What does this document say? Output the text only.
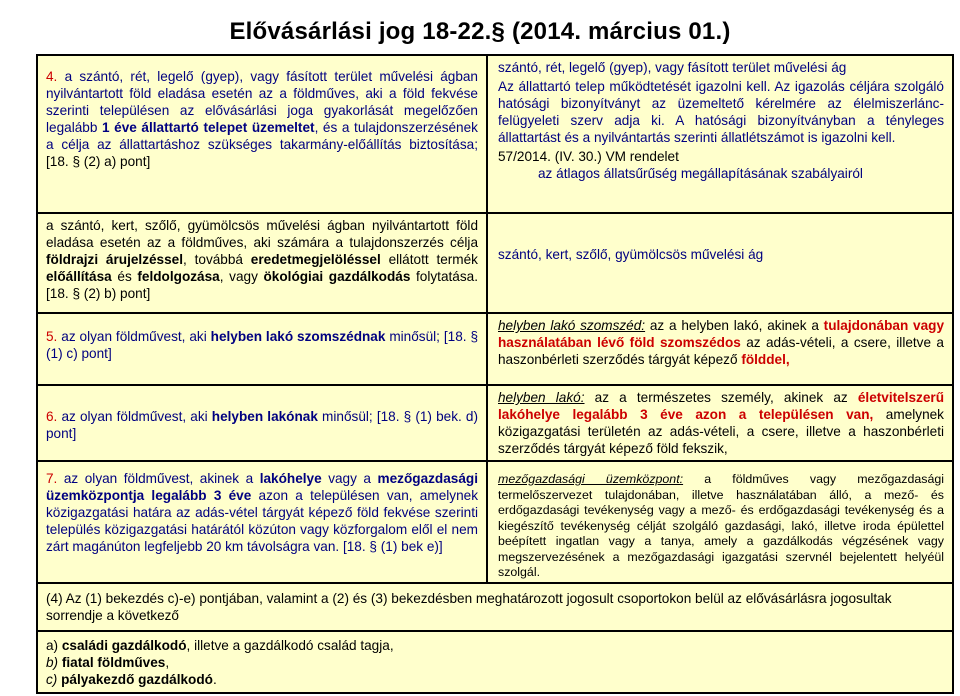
Elővásárlási jog 18-22.§ (2014. március 01.)

4. a szántó, rét, legelő (gyep), vagy fásított terület művelési ágban nyilvántartott föld eladása esetén az a földműves, aki a föld fekvése szerinti településen az elővásárlási joga gyakorlását megelőzően legalább 1 éve állattartó telepet üzemeltet, és a tulajdonszerzésének a célja az állattartáshoz szükséges takarmány-előállítás biztosítása; [18. § (2) a) pont]

szántó, rét, legelő (gyep), vagy fásított terület művelési ág

Az állattartó telep működtetését igazolni kell. Az igazolás céljára szolgáló hatósági bizonyítványt az üzemeltető kérelmére az élelmiszerlánc-felügyeleti szerv adja ki. A hatósági bizonyítványban a tényleges állattartást és a nyilvántartás szerinti állatlétszámot is igazolni kell.

57/2014. (IV. 30.) VM rendelet

az átlagos állatsűrűség megállapításának szabályairól

a szántó, kert, szőlő, gyümölcsös művelési ágban nyilvántartott föld eladása esetén az a földműves, aki számára a tulajdonszerzés célja földrajzi árujelzéssel, továbbá eredetmegjelöléssel ellátott termék előállítása és feldolgozása, vagy ökológiai gazdálkodás folytatása. [18. § (2) b) pont]

szántó, kert, szőlő, gyümölcsös művelési ág

5. az olyan földművest, aki helyben lakó szomszédnak minősül; [18. § (1) c) pont]

helyben lakó szomszéd: az a helyben lakó, akinek a tulajdonában vagy használatában lévő föld szomszédos az adás-vételi, a csere, illetve a haszonbérleti szerződés tárgyát képező földdel,

6. az olyan földművest, aki helyben lakónak minősül; [18. § (1) bek. d) pont]

helyben lakó: az a természetes személy, akinek az életvitelszerű lakóhelye legalább 3 éve azon a településen van, amelynek közigazgatási területén az adás-vételi, a csere, illetve a haszonbérleti szerződés tárgyát képező föld fekszik,

7. az olyan földművest, akinek a lakóhelye vagy a mezőgazdasági üzemközpontja legalább 3 éve azon a településen van, amelynek közigazgatási határa az adás-vétel tárgyát képező föld fekvése szerinti település közigazgatási határától közúton vagy közforgalom elől el nem zárt magánúton legfeljebb 20 km távolságra van. [18. § (1) bek e)]

mezőgazdasági üzemközpont: a földműves vagy mezőgazdasági termelőszervezet tulajdonában, illetve használatában álló, a mező- és erdőgazdasági tevékenység vagy a mező- és erdőgazdasági tevékenység és a kiegészítő tevékenység célját szolgáló gazdasági, lakó, illetve iroda épülettel beépített ingatlan vagy a tanya, amely a gazdálkodás végzésének vagy megszervezésének a mezőgazdasági igazgatási szervnél bejelentett helyéül szolgál.

(4) Az (1) bekezdés c)-e) pontjában, valamint a (2) és (3) bekezdésben meghatározott jogosult csoportokon belül az elővásárlásra jogosultak sorrendje a következő

a) családi gazdálkodó, illetve a gazdálkodó család tagja,

b) fiatal földműves,

c) pályakezdő gazdálkodó.
